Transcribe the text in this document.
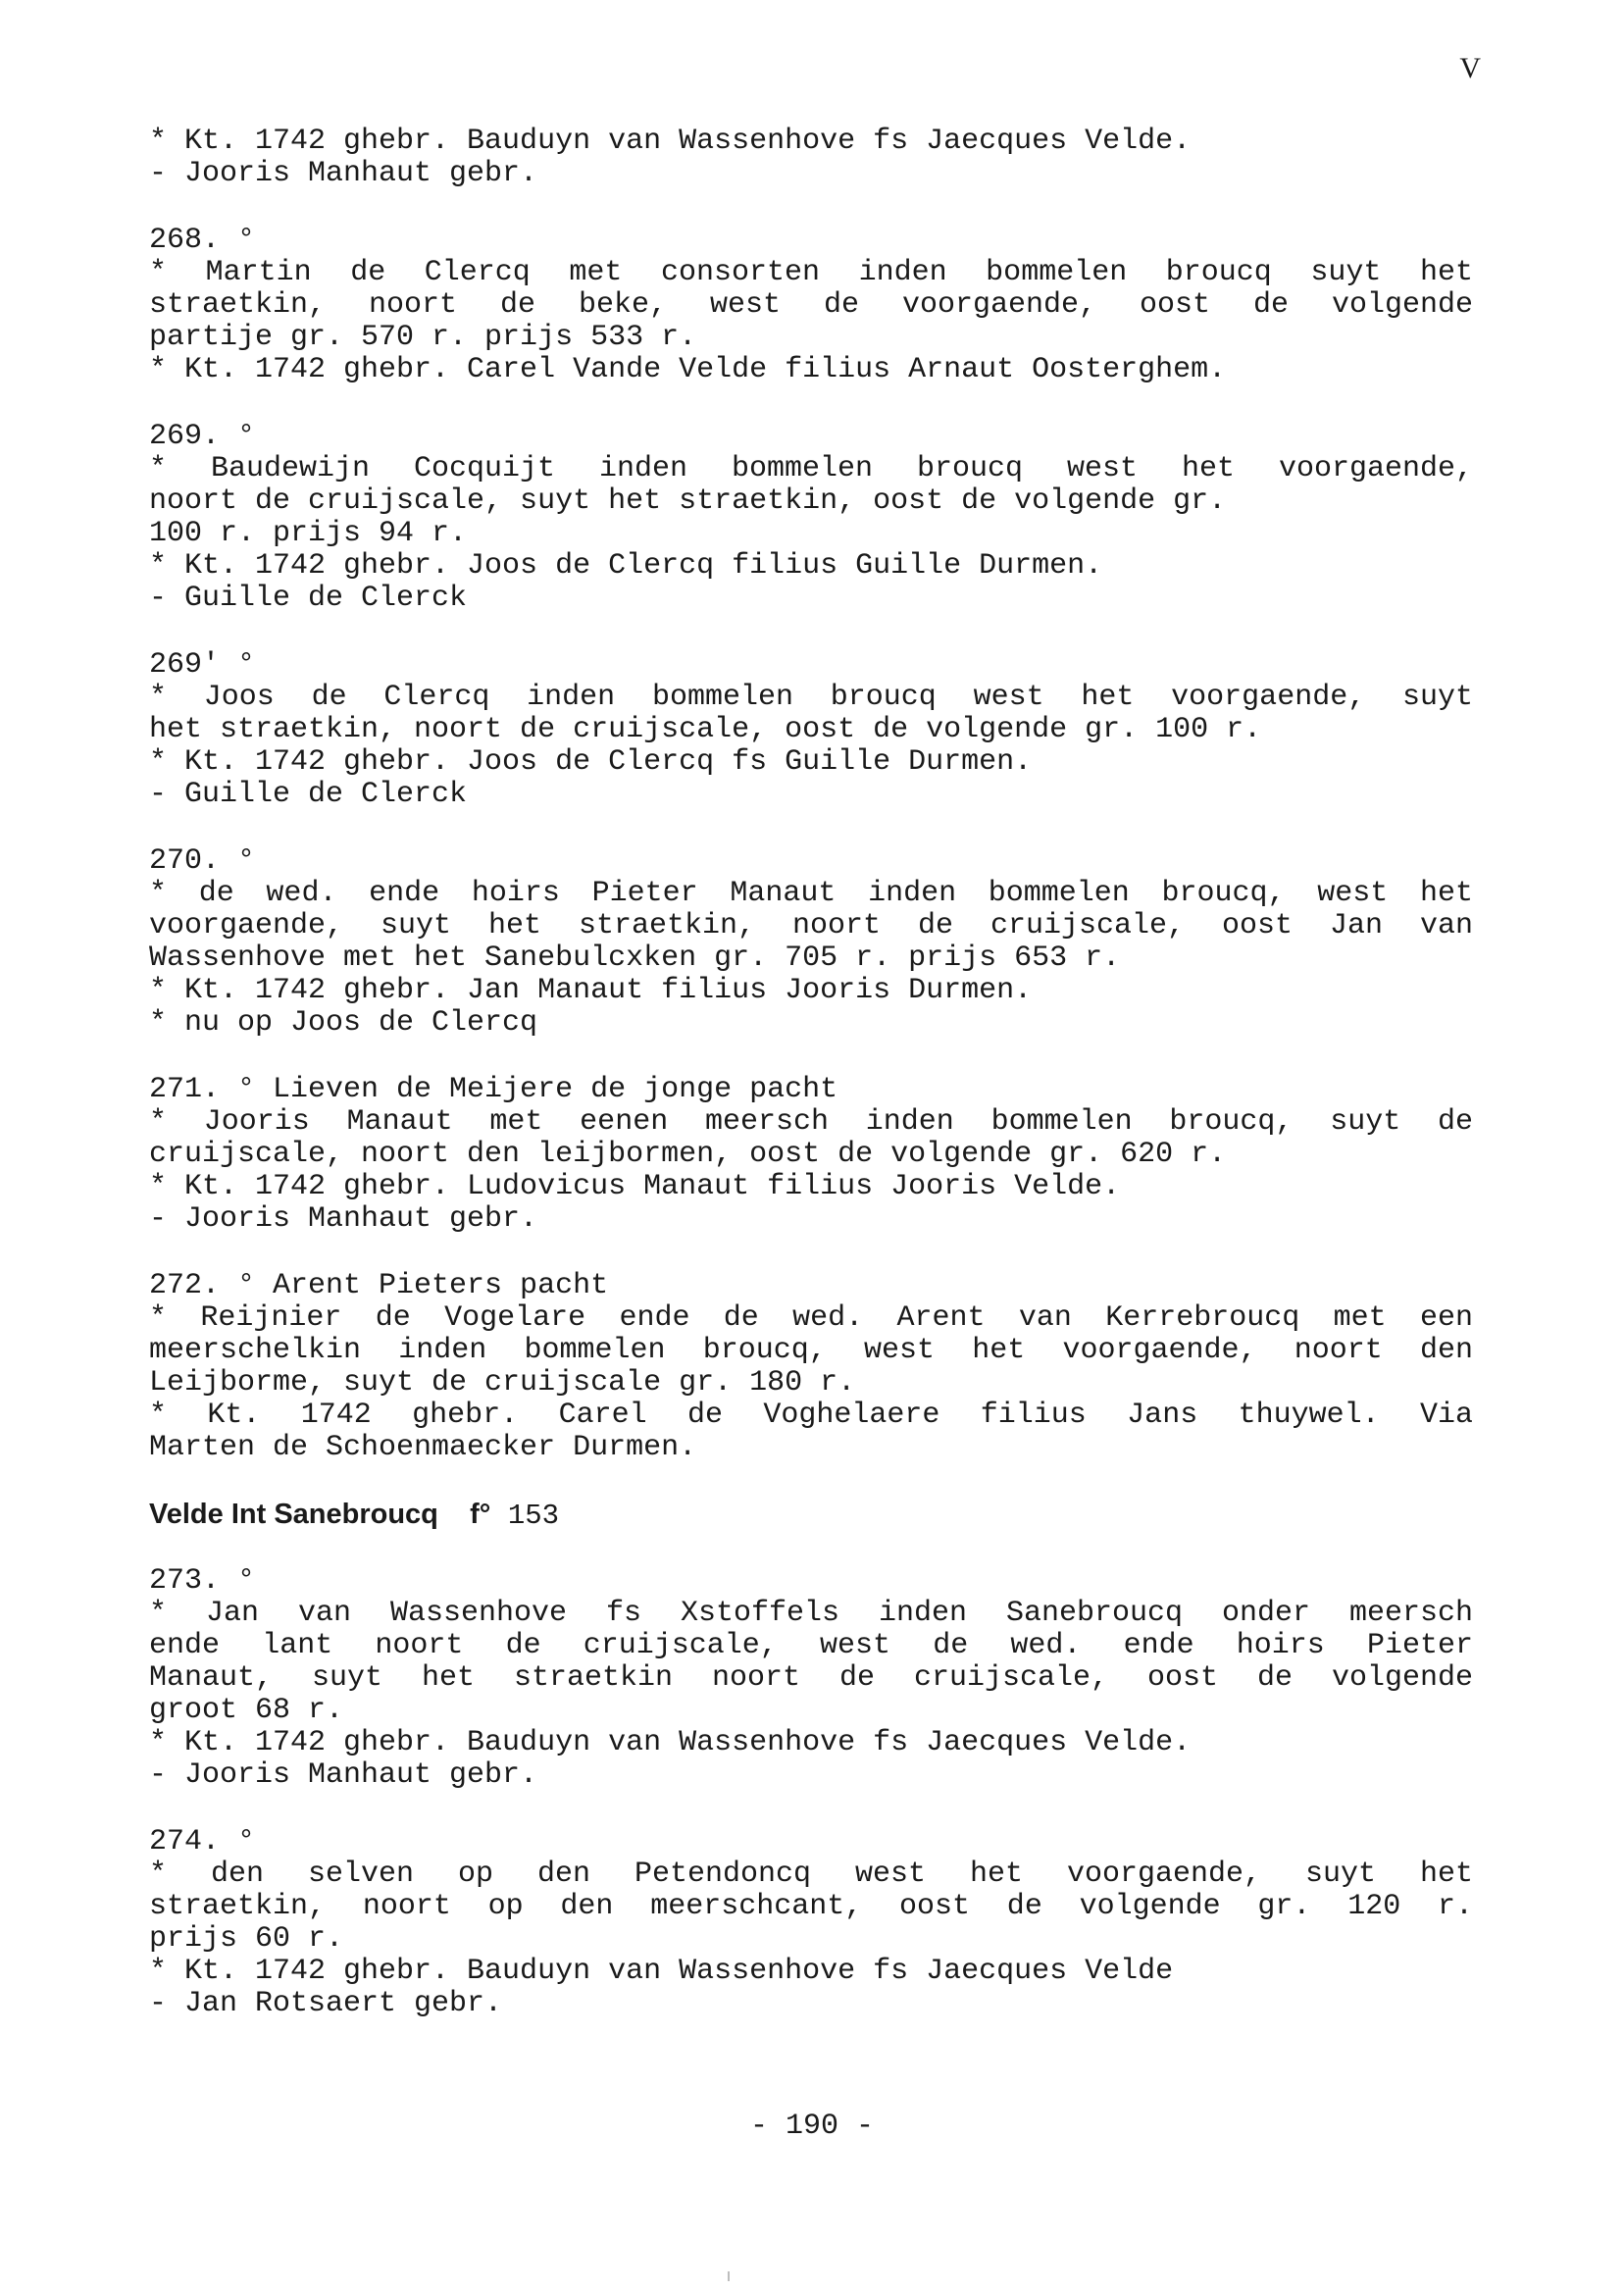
V
* Kt. 1742 ghebr. Bauduyn van Wassenhove fs Jaecques Velde.
- Jooris Manhaut gebr.
268. °
* Martin de Clercq met consorten inden bommelen broucq suyt het
straetkin, noort de beke, west de voorgaende, oost de volgende
partije gr. 570 r. prijs 533 r.
* Kt. 1742 ghebr. Carel Vande Velde filius Arnaut Oosterghem.
269. °
* Baudewijn Cocquijt inden bommelen broucq west het voorgaende,
noort de cruijscale, suyt het straetkin, oost de volgende gr.
100 r. prijs 94 r.
* Kt. 1742 ghebr. Joos de Clercq filius Guille Durmen.
- Guille de Clerck
269' °
* Joos de Clercq inden bommelen broucq west het voorgaende, suyt
het straetkin, noort de cruijscale, oost de volgende gr. 100 r.
* Kt. 1742 ghebr. Joos de Clercq fs Guille Durmen.
- Guille de Clerck
270. °
* de wed. ende hoirs Pieter Manaut inden bommelen broucq, west het
voorgaende, suyt het straetkin, noort de cruijscale, oost Jan van
Wassenhove met het Sanebulcxken gr. 705 r. prijs 653 r.
* Kt. 1742 ghebr. Jan Manaut filius Jooris Durmen.
* nu op Joos de Clercq
271. ° Lieven de Meijere de jonge pacht
* Jooris Manaut met eenen meersch inden bommelen broucq, suyt de
cruijscale, noort den leijbormen, oost de volgende gr. 620 r.
* Kt. 1742 ghebr. Ludovicus Manaut filius Jooris Velde.
- Jooris Manhaut gebr.
272. ° Arent Pieters pacht
* Reijnier de Vogelare ende de wed. Arent van Kerrebroucq met een
meerschelkin inden bommelen broucq, west het voorgaende, noort den
Leijborme, suyt de cruijscale gr. 180 r.
* Kt. 1742 ghebr. Carel de Voghelaere filius Jans thuywel. Via
Marten de Schoenmaecker Durmen.
Velde Int Sanebroucq f° 153
273. °
* Jan van Wassenhove fs Xstoffels inden Sanebroucq onder meersch
ende lant noort de cruijscale, west de wed. ende hoirs Pieter
Manaut, suyt het straetkin noort de cruijscale, oost de volgende
groot 68 r.
* Kt. 1742 ghebr. Bauduyn van Wassenhove fs Jaecques Velde.
- Jooris Manhaut gebr.
274. °
* den selven op den Petendoncq west het voorgaende, suyt het
straetkin, noort op den meerschcant, oost de volgende gr. 120 r.
prijs 60 r.
* Kt. 1742 ghebr. Bauduyn van Wassenhove fs Jaecques Velde
- Jan Rotsaert gebr.
- 190 -
